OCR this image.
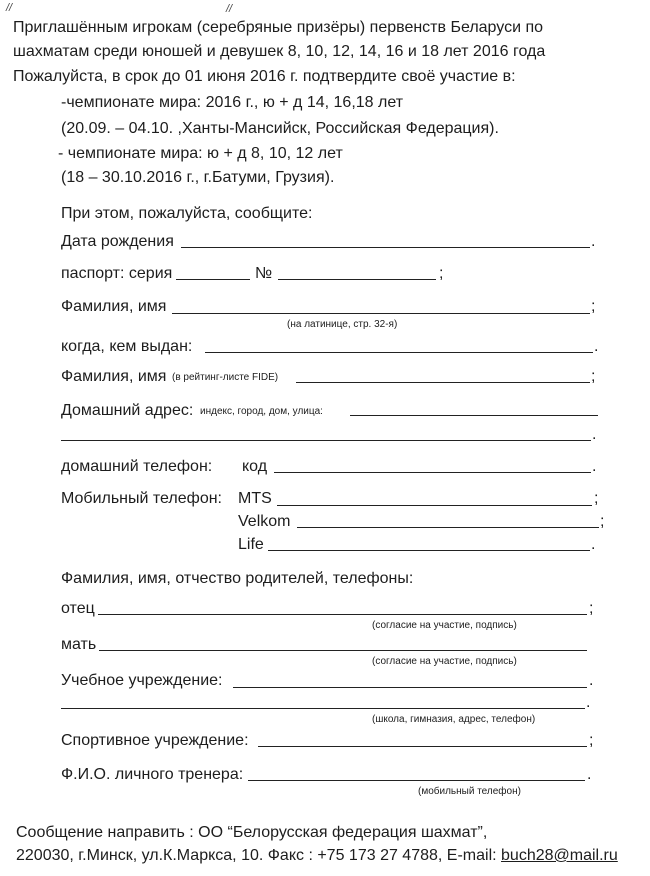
//	//
Приглашённым игрокам (серебряные призёры) первенств Беларуси по
шахматам среди юношей и девушек 8, 10, 12, 14, 16 и 18 лет 2016 года
Пожалуйста, в срок до 01 июня 2016 г. подтвердите своё участие в:
-чемпионате мира: 2016 г., ю + д 14, 16,18 лет
(20.09. – 04.10. ,Ханты-Мансийск, Российская Федерация).
- чемпионате мира: ю + д 8, 10, 12 лет
(18 – 30.10.2016 г., г.Батуми, Грузия).
При этом, пожалуйста, сообщите:
Дата рождения	.
паспорт: серия	№	;
Фамилия, имя	;
(на латинице, стр. 32-я)
когда, кем выдан:	.
Фамилия, имя (в рейтинг-листе FIDE)	;
Домашний адрес: индекс, город, дом, улица:
.
домашний телефон: код	.
Мобильный телефон: MTS	;
Velkom	;
Life	.
Фамилия, имя, отчество родителей, телефоны:
отец	;
(согласие на участие, подпись)
мать
(согласие на участие, подпись)
Учебное учреждение:	.
.
(школа, гимназия, адрес, телефон)
Спортивное учреждение:	;
Ф.И.О. личного тренера:	.
(мобильный телефон)
Сообщение направить : ОО “Белорусская федерация шахмат”,
220030, г.Минск, ул.К.Маркса, 10. Факс : +75 173 27 4788, E-mail: buch28@mail.ru
